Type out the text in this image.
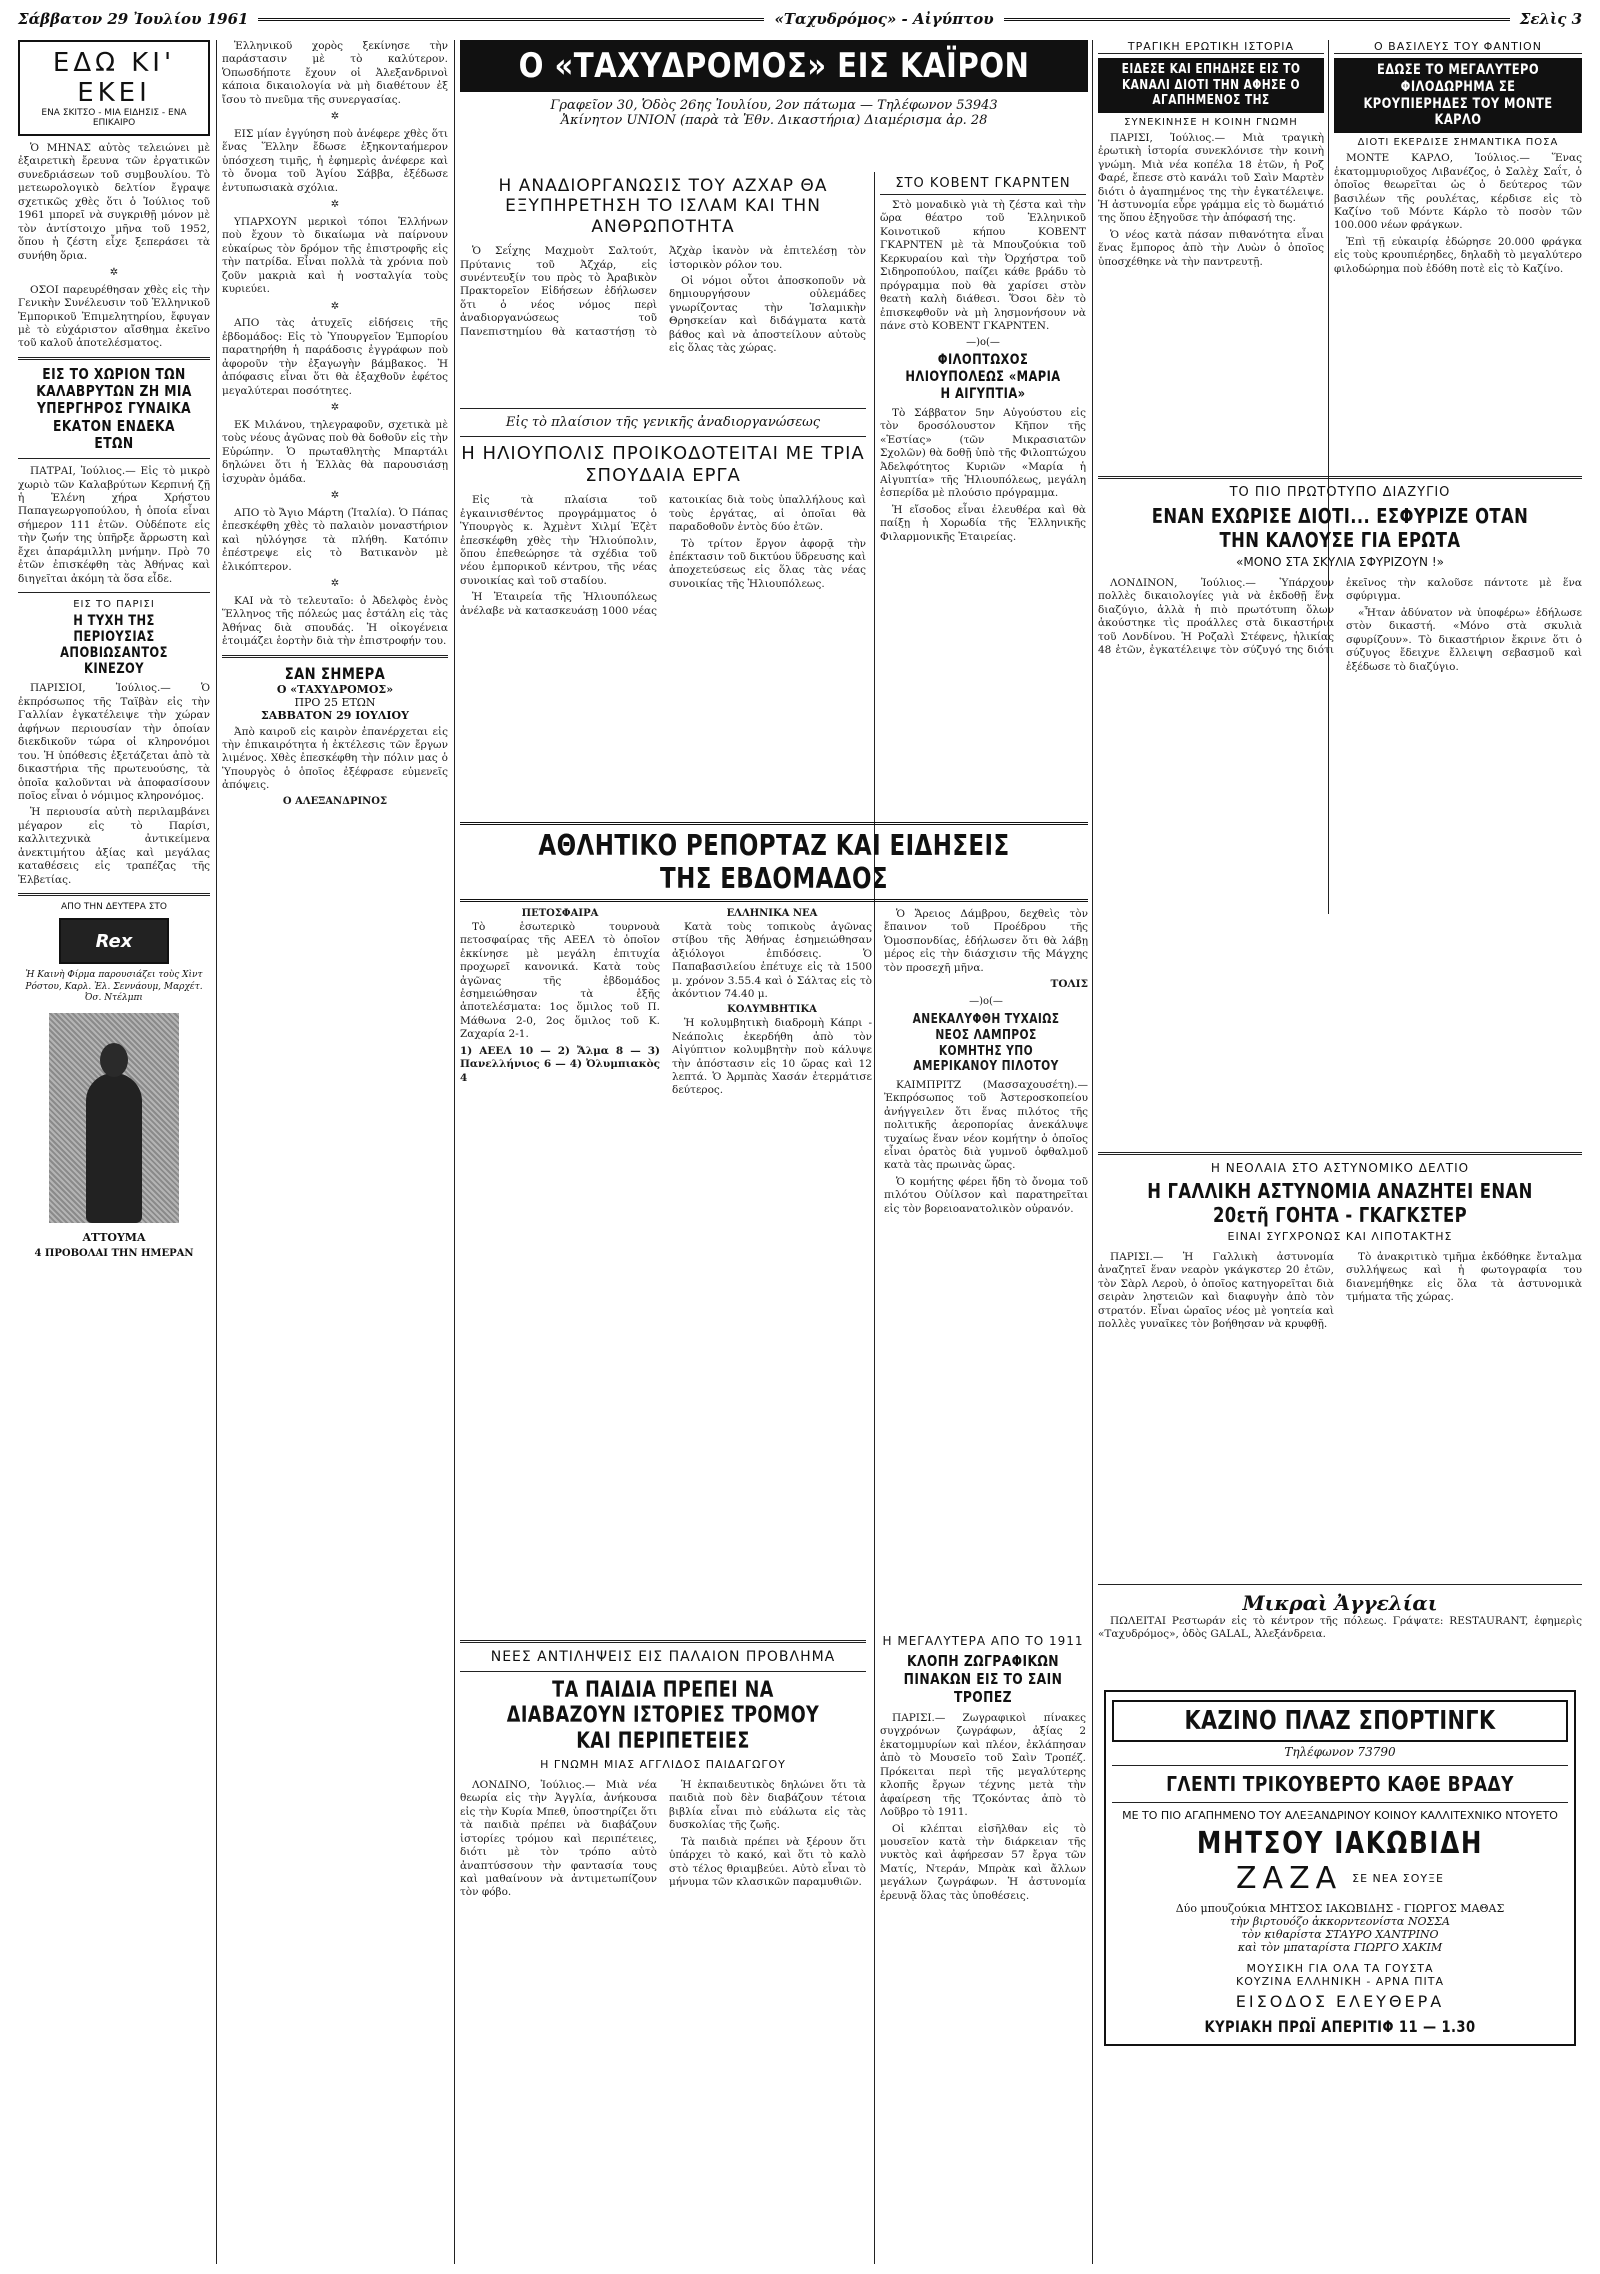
Σάββατον 29 Ἰουλίου 1961	«Ταχυδρόμος» - Αἰγύπτου	Σελὶς 3
ΕΔΩ ΚΙ' ΕΚΕΙ
ΕΝΑ ΣΚΙΤΣΟ - ΜΙΑ ΕΙΔΗΣΙΣ - ΕΝΑ ΕΠΙΚΑΙΡΟ

Ὁ ΜΗΝΑΣ αὐτὸς τελειώνει μὲ ἐξαιρετικὴ ἔρευνα τῶν ἐργατικῶν συνεδριάσεων τοῦ συμβουλίου. Τὸ μετεωρολογικὸ δελτίον ἔγραψε σχετικῶς χθὲς ὅτι ὁ Ἰούλιος τοῦ 1961 μπορεῖ νὰ συγκριθῇ μόνον μὲ τὸν ἀντίστοιχο μῆνα τοῦ 1952, ὅπου ἡ ζέστη εἶχε ξεπεράσει τὰ συνήθη ὅρια.

✲

ΟΣΟΙ παρευρέθησαν χθὲς εἰς τὴν Γενικὴν Συνέλευσιν τοῦ Ἑλληνικοῦ Ἐμπορικοῦ Ἐπιμελητηρίου, ἔφυγαν μὲ τὸ εὐχάριστον αἴσθημα ἐκεῖνο τοῦ καλοῦ ἀποτελέσματος.

ΕΙΣ ΤΟ ΧΩΡΙΟΝ ΤΩΝ ΚΑΛΑΒΡΥΤΩΝ ΖΗ ΜΙΑ ΥΠΕΡΓΗΡΟΣ ΓΥΝΑΙΚΑ ΕΚΑΤΟΝ ΕΝΔΕΚΑ ΕΤΩΝ

ΠΑΤΡΑΙ, Ἰούλιος.— Εἰς τὸ μικρὸ χωριὸ τῶν Καλαβρύτων Κερπινή ζῇ ἡ Ἑλένη χήρα Χρήστου Παπαγεωργοπούλου, ἡ ὁποία εἶναι σήμερον 111 ἐτῶν. Οὐδέποτε εἰς τὴν ζωήν της ὑπῆρξε ἄρρωστη καὶ ἔχει ἀπαράμιλλη μνήμην. Πρὸ 70 ἐτῶν ἐπισκέφθη τὰς Ἀθήνας καὶ διηγεῖται ἀκόμη τὰ ὅσα εἶδε.

ΕΙΣ ΤΟ ΠΑΡΙΣΙ
Η ΤΥΧΗ ΤΗΣ ΠΕΡΙΟΥΣΙΑΣ ΑΠΟΒΙΩΣΑΝΤΟΣ ΚΙΝΕΖΟΥ

ΠΑΡΙΣΙΟΙ, Ἰούλιος.— Ὁ ἐκπρόσωπος τῆς Ταϊβὰν εἰς τὴν Γαλλίαν ἐγκατέλειψε τὴν χώραν ἀφήνων περιουσίαν τὴν ὁποίαν διεκδικοῦν τώρα οἱ κληρονόμοι του. Ἡ ὑπόθεσις ἐξετάζεται ἀπὸ τὰ δικαστήρια τῆς πρωτευούσης, τὰ ὁποῖα καλοῦνται νὰ ἀποφασίσουν ποῖος εἶναι ὁ νόμιμος κληρονόμος.

Ἡ περιουσία αὐτὴ περιλαμβάνει μέγαρον εἰς τὸ Παρίσι, καλλιτεχνικὰ ἀντικείμενα ἀνεκτιμήτου ἀξίας καὶ μεγάλας καταθέσεις εἰς τραπέζας τῆς Ἐλβετίας.

ΑΠΟ ΤΗΝ ΔΕΥΤΕΡΑ ΣΤΟ
Rex
Ἡ Καινὴ Φίρμα παρουσιάζει τοὺς Χὶντ Ρόστου, Καρλ. Ἐλ. Σεννάουμ, Μαρχέτ. Ὀσ. Ντέλμπι
ΑΤΤΟΥΜΑ
4 ΠΡΟΒΟΛΑΙ ΤΗΝ ΗΜΕΡΑΝ
Ο «ΤΑΧΥΔΡΟΜΟΣ» ΕΙΣ ΚΑΪΡΟΝ
Γραφεῖον 30, Ὁδὸς 26ης Ἰουλίου, 2ον πάτωμα — Τηλέφωνον 53943
Ἀκίνητον UNION (παρὰ τὰ Ἐθν. Δικαστήρια) Διαμέρισμα ἀρ. 28
Η ΑΝΑΔΙΟΡΓΑΝΩΣΙΣ ΤΟΥ ΑΖΧΑΡ ΘΑ ΕΞΥΠΗΡΕΤΗΣΗ ΤΟ ΙΣΛΑΜ ΚΑΙ ΤΗΝ ΑΝΘΡΩΠΟΤΗΤΑ

Ὁ Σεΐχης Μαχμοὺτ Σαλτούτ, Πρύτανις τοῦ Ἀζχάρ, εἰς συνέντευξίν του πρὸς τὸ Ἀραβικὸν Πρακτορεῖον Εἰδήσεων ἐδήλωσεν ὅτι ὁ νέος νόμος περὶ ἀναδιοργανώσεως τοῦ Πανεπιστημίου θὰ καταστήσῃ τὸ Ἀζχὰρ ἱκανὸν νὰ ἐπιτελέσῃ τὸν ἱστορικὸν ρόλον του.

Οἱ νόμοι οὗτοι ἀποσκοποῦν νὰ δημιουργήσουν οὐλεμάδες γνωρίζοντας τὴν Ἰσλαμικὴν Θρησκείαν καὶ διδάγματα κατὰ βάθος καὶ νὰ ἀποστείλουν αὐτοὺς εἰς ὅλας τὰς χώρας.

ΣΤΟ ΚΟΒΕΝΤ ΓΚΑΡΝΤΕΝ

Στὸ μοναδικὸ γιὰ τὴ ζέστα καὶ τὴν ὥρα θέατρο τοῦ Ἑλληνικοῦ Κοινοτικοῦ κήπου ΚΟΒΕΝΤ ΓΚΑΡΝΤΕΝ μὲ τὰ Μπουζούκια τοῦ Κερκυραίου καὶ τὴν Ὀρχήστρα τοῦ Σιδηροπούλου, παίζει κάθε βράδυ τὸ πρόγραμμα ποὺ θὰ χαρίσει στὸν θεατὴ καλὴ διάθεσι. Ὅσοι δὲν τὸ ἐπισκεφθοῦν νὰ μὴ λησμονήσουν νὰ πάνε στὸ ΚΟΒΕΝΤ ΓΚΑΡΝΤΕΝ.

—)o(—
ΦΙΛΟΠΤΩΧΟΣ ΗΛΙΟΥΠΟΛΕΩΣ «ΜΑΡΙΑ Η ΑΙΓΥΠΤΙΑ»

Τὸ Σάββατον 5ην Αὐγούστου εἰς τὸν δροσόλουστον Κῆπον τῆς «Ἑστίας» (τῶν Μικρασιατῶν Σχολῶν) θὰ δοθῇ ὑπὸ τῆς Φιλοπτώχου Ἀδελφότητος Κυριῶν «Μαρία ἡ Αἰγυπτία» τῆς Ἡλιουπόλεως, μεγάλη ἑσπερίδα μὲ πλούσιο πρόγραμμα.

Ἡ εἴσοδος εἶναι ἐλευθέρα καὶ θὰ παίξῃ ἡ Χορωδία τῆς Ἑλληνικῆς Φιλαρμονικῆς Ἑταιρείας.

Εἰς τὸ πλαίσιον τῆς γενικῆς ἀναδιοργανώσεως
Η ΗΛΙΟΥΠΟΛΙΣ ΠΡΟΙΚΟΔΟΤΕΙΤΑΙ ΜΕ ΤΡΙΑ ΣΠΟΥΔΑΙΑ ΕΡΓΑ

Εἰς τὰ πλαίσια τοῦ ἐγκαινισθέντος προγράμματος ὁ Ὑπουργὸς κ. Ἀχμὲντ Χιλμί Ἐζὲτ ἐπεσκέφθη χθὲς τὴν Ἡλιούπολιν, ὅπου ἐπεθεώρησε τὰ σχέδια τοῦ νέου ἐμπορικοῦ κέντρου, τῆς νέας συνοικίας καὶ τοῦ σταδίου.

Ἡ Ἑταιρεία τῆς Ἡλιουπόλεως ἀνέλαβε νὰ κατασκευάσῃ 1000 νέας κατοικίας διὰ τοὺς ὑπαλλήλους καὶ τοὺς ἐργάτας, αἱ ὁποῖαι θὰ παραδοθοῦν ἐντὸς δύο ἐτῶν.

Τὸ τρίτον ἔργον ἀφορᾷ τὴν ἐπέκτασιν τοῦ δικτύου ὕδρευσης καὶ ἀποχετεύσεως εἰς ὅλας τὰς νέας συνοικίας τῆς Ἡλιουπόλεως.

ΑΘΛΗΤΙΚΟ ΡΕΠΟΡΤΑΖ ΚΑΙ ΕΙΔΗΣΕΙΣ ΤΗΣ ΕΒΔΟΜΑΔΟΣ
ΠΕΤΟΣΦΑΙΡΑ

Τὸ ἑσωτερικὸ τουρνουὰ πετοσφαίρας τῆς ΑΕΕΛ τὸ ὁποῖον ἐκκίνησε μὲ μεγάλη ἐπιτυχία προχωρεῖ κανονικά. Κατὰ τοὺς ἀγῶνας τῆς ἐβδομάδος ἐσημειώθησαν τὰ ἑξῆς ἀποτελέσματα: 1ος ὅμιλος τοῦ Π. Μάθωνα 2-0, 2ος ὅμιλος τοῦ Κ. Ζαχαρία 2-1.

1) ΑΕΕΛ 10 — 2) Ἄλμα 8 — 3) Πανελλήνιος 6 — 4) Ὀλυμπιακὸς 4

ΕΛΛΗΝΙΚΑ ΝΕΑ

Κατὰ τοὺς τοπικοὺς ἀγῶνας στίβου τῆς Ἀθήνας ἐσημειώθησαν ἀξιόλογοι ἐπιδόσεις. Ὁ Παπαβασιλείου ἐπέτυχε εἰς τὰ 1500 μ. χρόνον 3.55.4 καὶ ὁ Σάλτας εἰς τὸ ἀκόντιον 74.40 μ.

ΚΟΛΥΜΒΗΤΙΚΑ

Ἡ κολυμβητικὴ διαδρομὴ Κάπρι - Νεάπολις ἐκερδήθη ἀπὸ τὸν Αἰγύπτιον κολυμβητὴν ποὺ κάλυψε τὴν ἀπόστασιν εἰς 10 ὥρας καὶ 12 λεπτά. Ὁ Ἀρμπὰς Χασάν ἐτερμάτισε δεύτερος.

Ὁ Ἄρειος Δάμβρου, δεχθεὶς τὸν ἔπαινον τοῦ Προέδρου τῆς Ὁμοσπονδίας, ἐδήλωσεν ὅτι θὰ λάβῃ μέρος εἰς τὴν διάσχισιν τῆς Μάγχης τὸν προσεχῆ μῆνα.

ΤΟΛΙΣ
—)o(—
ΑΝΕΚΑΛΥΦΘΗ ΤΥΧΑΙΩΣ ΝΕΟΣ ΛΑΜΠΡΟΣ ΚΟΜΗΤΗΣ ΥΠΟ ΑΜΕΡΙΚΑΝΟΥ ΠΙΛΟΤΟΥ

ΚΑΙΜΠΡΙΤΖ (Μασσαχουσέτη).— Ἐκπρόσωπος τοῦ Ἀστεροσκοπείου ἀνήγγειλεν ὅτι ἕνας πιλότος τῆς πολιτικῆς ἀεροπορίας ἀνεκάλυψε τυχαίως ἕναν νέον κομήτην ὁ ὁποῖος εἶναι ὁρατὸς διὰ γυμνοῦ ὀφθαλμοῦ κατὰ τὰς πρωινὰς ὥρας.

Ὁ κομήτης φέρει ἤδη τὸ ὄνομα τοῦ πιλότου Οὐίλσον καὶ παρατηρεῖται εἰς τὸν βορειοανατολικὸν οὐρανόν.

Ἑλληνικοῦ χορὸς ξεκίνησε τὴν παράστασιν μὲ τὸ καλύτερον. Ὁπωσδήποτε ἔχουν οἱ Ἀλεξανδρινοὶ κάποια δικαιολογία νὰ μὴ διαθέτουν ἐξ ἴσου τὸ πνεῦμα τῆς συνεργασίας.

✲

ΕΙΣ μίαν ἐγγύηση ποὺ ἀνέφερε χθὲς ὅτι ἕνας Ἕλλην ἔδωσε ἐξηκονταήμερον ὑπόσχεση τιμῆς, ἡ ἐφημερὶς ἀνέφερε καὶ τὸ ὄνομα τοῦ Ἁγίου Σάββα, ἐξέδωσε ἐντυπωσιακὰ σχόλια.

✲

ΥΠΑΡΧΟΥΝ μερικοὶ τόποι Ἑλλήνων ποὺ ἔχουν τὸ δικαίωμα νὰ παίρνουν εὐκαίρως τὸν δρόμον τῆς ἐπιστροφῆς εἰς τὴν πατρίδα. Εἶναι πολλὰ τὰ χρόνια ποὺ ζοῦν μακριὰ καὶ ἡ νοσταλγία τοὺς κυριεύει.

✲

ΑΠΟ τὰς ἀτυχεῖς εἰδήσεις τῆς ἐβδομάδος: Εἰς τὸ Ὑπουργεῖον Ἐμπορίου παρατηρήθη ἡ παράδοσις ἐγγράφων ποὺ ἀφοροῦν τὴν ἐξαγωγὴν βάμβακος. Ἡ ἀπόφασις εἶναι ὅτι θὰ ἐξαχθοῦν ἐφέτος μεγαλύτεραι ποσότητες.

✲

ΕΚ Μιλάνου, τηλεγραφοῦν, σχετικὰ μὲ τοὺς νέους ἀγῶνας ποὺ θὰ δοθοῦν εἰς τὴν Εὐρώπην. Ὁ πρωταθλητὴς Μπαρτάλι δηλώνει ὅτι ἡ Ἑλλὰς θὰ παρουσιάσῃ ἰσχυρὰν ὁμάδα.

✲

ΑΠΟ τὸ Ἄγιο Μάρτη (Ἰταλία). Ὁ Πάπας ἐπεσκέφθη χθὲς τὸ παλαιὸν μοναστήριον καὶ ηὐλόγησε τὰ πλήθη. Κατόπιν ἐπέστρεψε εἰς τὸ Βατικανὸν μὲ ἑλικόπτερον.

✲

ΚΑΙ νὰ τὸ τελευταῖο: ὁ Ἀδελφὸς ἐνὸς Ἕλληνος τῆς πόλεώς μας ἐστάλη εἰς τὰς Ἀθήνας διὰ σπουδάς. Ἡ οἰκογένεια ἑτοιμάζει ἑορτὴν διὰ τὴν ἐπιστροφήν του.

ΣΑΝ ΣΗΜΕΡΑ
Ο «ΤΑΧΥΔΡΟΜΟΣ»
ΠΡΟ 25 ΕΤΩΝ
ΣΑΒΒΑΤΟΝ 29 ΙΟΥΛΙΟΥ

Ἀπὸ καιροῦ εἰς καιρὸν ἐπανέρχεται εἰς τὴν ἐπικαιρότητα ἡ ἐκτέλεσις τῶν ἔργων λιμένος. Χθὲς ἐπεσκέφθη τὴν πόλιν μας ὁ Ὑπουργὸς ὁ ὁποῖος ἐξέφρασε εὐμενεῖς ἀπόψεις.

Ο ΑΛΕΞΑΝΔΡΙΝΟΣ
ΝΕΕΣ ΑΝΤΙΛΗΨΕΙΣ ΕΙΣ ΠΑΛΑΙΟΝ ΠΡΟΒΛΗΜΑ
ΤΑ ΠΑΙΔΙΑ ΠΡΕΠΕΙ ΝΑ ΔΙΑΒΑΖΟΥΝ ΙΣΤΟΡΙΕΣ ΤΡΟΜΟΥ ΚΑΙ ΠΕΡΙΠΕΤΕΙΕΣ
Η ΓΝΩΜΗ ΜΙΑΣ ΑΓΓΛΙΔΟΣ ΠΑΙΔΑΓΩΓΟΥ

ΛΟΝΔΙΝΟ, Ἰούλιος.— Μιὰ νέα θεωρία εἰς τὴν Ἀγγλία, ἀνήκουσα εἰς τὴν Κυρία Μπεθ, ὑποστηρίζει ὅτι τὰ παιδιὰ πρέπει νὰ διαβάζουν ἱστορίες τρόμου καὶ περιπέτειες, διότι μὲ τὸν τρόπο αὐτὸ ἀναπτύσσουν τὴν φαντασία τους καὶ μαθαίνουν νὰ ἀντιμετωπίζουν τὸν φόβο.

Ἡ ἐκπαιδευτικὸς δηλώνει ὅτι τὰ παιδιὰ ποὺ δὲν διαβάζουν τέτοια βιβλία εἶναι πιὸ εὐάλωτα εἰς τὰς δυσκολίας τῆς ζωῆς.

Τὰ παιδιὰ πρέπει νὰ ξέρουν ὅτι ὑπάρχει τὸ κακό, καὶ ὅτι τὸ καλὸ στὸ τέλος θριαμβεύει. Αὐτὸ εἶναι τὸ μήνυμα τῶν κλασικῶν παραμυθιῶν.

Η ΜΕΓΑΛΥΤΕΡΑ ΑΠΟ ΤΟ 1911
ΚΛΟΠΗ ΖΩΓΡΑΦΙΚΩΝ ΠΙΝΑΚΩΝ ΕΙΣ ΤΟ ΣΑΙΝ ΤΡΟΠΕΖ

ΠΑΡΙΣΙ.— Ζωγραφικοὶ πίνακες συγχρόνων ζωγράφων, ἀξίας 2 ἑκατομμυρίων καὶ πλέον, ἐκλάπησαν ἀπὸ τὸ Μουσεῖο τοῦ Σαὶν Τροπέζ. Πρόκειται περὶ τῆς μεγαλύτερης κλοπῆς ἔργων τέχνης μετὰ τὴν ἀφαίρεση τῆς Τζοκόντας ἀπὸ τὸ Λοῦβρο τὸ 1911.

Οἱ κλέπται εἰσῆλθαν εἰς τὸ μουσεῖον κατὰ τὴν διάρκειαν τῆς νυκτὸς καὶ ἀφήρεσαν 57 ἔργα τῶν Ματίς, Ντεράν, Μπρὰκ καὶ ἄλλων μεγάλων ζωγράφων. Ἡ ἀστυνομία ἐρευνᾷ ὅλας τὰς ὑποθέσεις.

ΤΡΑΓΙΚΗ ΕΡΩΤΙΚΗ ΙΣΤΟΡΙΑ
ΕΙΔΕΣΕ ΚΑΙ ΕΠΗΔΗΣΕ ΕΙΣ ΤΟ ΚΑΝΑΛΙ ΔΙΟΤΙ ΤΗΝ ΑΦΗΣΕ Ο ΑΓΑΠΗΜΕΝΟΣ ΤΗΣ
ΣΥΝΕΚΙΝΗΣΕ Η ΚΟΙΝΗ ΓΝΩΜΗ

ΠΑΡΙΣΙ, Ἰούλιος.— Μιὰ τραγικὴ ἐρωτικὴ ἱστορία συνεκλόνισε τὴν κοινὴ γνώμη. Μιὰ νέα κοπέλα 18 ἐτῶν, ἡ Ροζ Φαρέ, ἔπεσε στὸ κανάλι τοῦ Σαὶν Μαρτὲν διότι ὁ ἀγαπημένος της τὴν ἐγκατέλειψε. Ἡ ἀστυνομία εὗρε γράμμα εἰς τὸ δωμάτιό της ὅπου ἐξηγοῦσε τὴν ἀπόφασή της.

Ὁ νέος κατὰ πάσαν πιθανότητα εἶναι ἕνας ἔμπορος ἀπὸ τὴν Λυὼν ὁ ὁποῖος ὑποσχέθηκε νὰ τὴν παντρευτῇ.

Ο ΒΑΣΙΛΕΥΣ ΤΟΥ ΦΑΝΤΙΟΝ
ΕΔΩΣΕ ΤΟ ΜΕΓΑΛΥΤΕΡΟ ΦΙΛΟΔΩΡΗΜΑ ΣΕ ΚΡΟΥΠΙΕΡΗΔΕΣ ΤΟΥ ΜΟΝΤΕ ΚΑΡΛΟ
ΔΙΟΤΙ ΕΚΕΡΔΙΣΕ ΣΗΜΑΝΤΙΚΑ ΠΟΣΑ

ΜΟΝΤΕ ΚΑΡΛΟ, Ἰούλιος.— Ἕνας ἑκατομμυριοῦχος Λιβανέζος, ὁ Σαλὲχ Σαΐτ, ὁ ὁποῖος θεωρεῖται ὡς ὁ δεύτερος τῶν βασιλέων τῆς ρουλέτας, κέρδισε εἰς τὸ Καζίνο τοῦ Μόντε Κάρλο τὸ ποσὸν τῶν 100.000 νέων φράγκων.

Ἐπὶ τῇ εὐκαιρίᾳ ἐδώρησε 20.000 φράγκα εἰς τοὺς κρουπιέρηδες, δηλαδὴ τὸ μεγαλύτερο φιλοδώρημα ποὺ ἐδόθη ποτὲ εἰς τὸ Καζίνο.

ΤΟ ΠΙΟ ΠΡΩΤΟΤΥΠΟ ΔΙΑΖΥΓΙΟ
ΕΝΑΝ ΕΧΩΡΙΣΕ ΔΙΟΤΙ... ΕΣΦΥΡΙΖΕ ΟΤΑΝ ΤΗΝ ΚΑΛΟΥΣΕ ΓΙΑ ΕΡΩΤΑ
«ΜΟΝΟ ΣΤΑ ΣΚΥΛΙΑ ΣΦΥΡΙΖΟΥΝ !»

ΛΟΝΔΙΝΟΝ, Ἰούλιος.— Ὑπάρχουν πολλὲς δικαιολογίες γιὰ νὰ ἐκδοθῇ ἕνα διαζύγιο, ἀλλὰ ἡ πιὸ πρωτότυπη ὅλων ἀκούστηκε τὶς προάλλες στὰ δικαστήρια τοῦ Λονδίνου. Ἡ Ροζαλὶ Στέφενς, ἡλικίας 48 ἐτῶν, ἐγκατέλειψε τὸν σύζυγό της διότι ἐκεῖνος τὴν καλοῦσε πάντοτε μὲ ἕνα σφύριγμα.

«Ἦταν ἀδύνατον νὰ ὑποφέρω» ἐδήλωσε στὸν δικαστή. «Μόνο στὰ σκυλιὰ σφυρίζουν». Τὸ δικαστήριον ἔκρινε ὅτι ὁ σύζυγος ἔδειχνε ἔλλειψη σεβασμοῦ καὶ ἐξέδωσε τὸ διαζύγιο.

Η ΝΕΟΛΑΙΑ ΣΤΟ ΑΣΤΥΝΟΜΙΚΟ ΔΕΛΤΙΟ
Η ΓΑΛΛΙΚΗ ΑΣΤΥΝΟΜΙΑ ΑΝΑΖΗΤΕΙ ΕΝΑΝ 20ετῆ ΓΟΗΤΑ - ΓΚΑΓΚΣΤΕΡ
ΕΙΝΑΙ ΣΥΓΧΡΟΝΩΣ ΚΑΙ ΛΙΠΟΤΑΚΤΗΣ

ΠΑΡΙΣΙ.— Ἡ Γαλλικὴ ἀστυνομία ἀναζητεῖ ἕναν νεαρὸν γκάγκστερ 20 ἐτῶν, τὸν Σὰρλ Λεροὺ, ὁ ὁποῖος κατηγορεῖται διὰ σειρὰν ληστειῶν καὶ διαφυγὴν ἀπὸ τὸν στρατόν. Εἶναι ὡραῖος νέος μὲ γοητεία καὶ πολλὲς γυναῖκες τὸν βοήθησαν νὰ κρυφθῇ.

Τὸ ἀνακριτικὸ τμῆμα ἐκδόθηκε ἔνταλμα συλλήψεως καὶ ἡ φωτογραφία του διανεμήθηκε εἰς ὅλα τὰ ἀστυνομικὰ τμήματα τῆς χώρας.

Μικραὶ Ἀγγελίαι

ΠΩΛΕΙΤΑΙ Ρεστωράν εἰς τὸ κέντρον τῆς πόλεως. Γράψατε: RESTAURANT, ἐφημερὶς «Ταχυδρόμος», ὁδὸς GALAL, Ἀλεξάνδρεια.

ΚΑΖΙΝΟ ΠΛΑΖ ΣΠΟΡΤΙΝΓΚ
Τηλέφωνον 73790
ΓΛΕΝΤΙ ΤΡΙΚΟΥΒΕΡΤΟ ΚΑΘΕ ΒΡΑΔΥ
ΜΕ ΤΟ ΠΙΟ ΑΓΑΠΗΜΕΝΟ ΤΟΥ ΑΛΕΞΑΝΔΡΙΝΟΥ ΚΟΙΝΟΥ ΚΑΛΛΙΤΕΧΝΙΚΟ ΝΤΟΥΕΤΟ
ΜΗΤΣΟΥ ΙΑΚΩΒΙΔΗ
ΖΑΖΑ ΣΕ ΝΕΑ ΣΟΥΞΕ
Δύο μπουζούκια ΜΗΤΣΟΣ ΙΑΚΩΒΙΔΗΣ - ΓΙΩΡΓΟΣ ΜΑΘΑΣ
τὴν βιρτουόζο ἀκκορντεονίστα ΝΟΣΣΑ
τὸν κιθαρίστα ΣΤΑΥΡΟ ΧΑΝΤΡΙΝΟ
καὶ τὸν μπαταρίστα ΓΙΩΡΓΟ ΧΑΚΙΜ
ΜΟΥΣΙΚΗ ΓΙΑ ΟΛΑ ΤΑ ΓΟΥΣΤΑ
ΚΟΥΖΙΝΑ ΕΛΛΗΝΙΚΗ - ΑΡΝΑ ΠΙΤΑ
ΕΙΣΟΔΟΣ ΕΛΕΥΘΕΡΑ
ΚΥΡΙΑΚΗ ΠΡΩΪ ΑΠΕΡΙΤΙΦ 11 — 1.30
